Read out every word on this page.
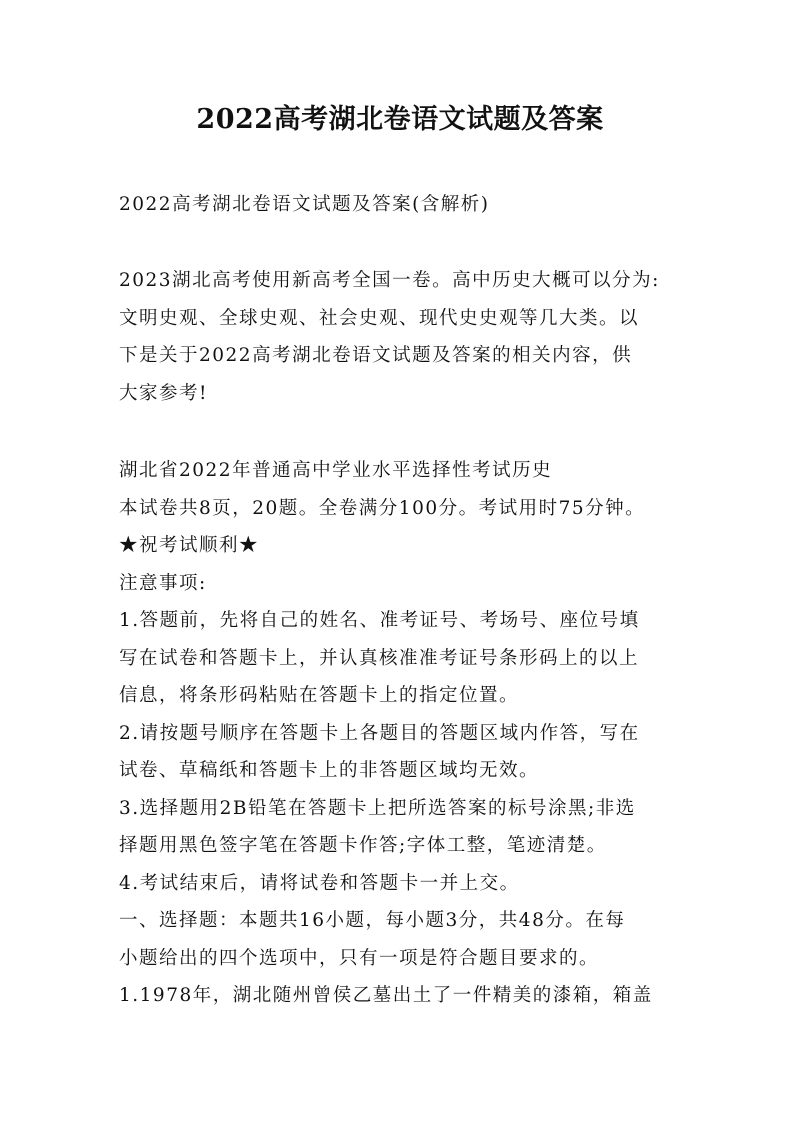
2022高考湖北卷语文试题及答案
2022高考湖北卷语文试题及答案(含解析)
2023湖北高考使用新高考全国一卷。高中历史大概可以分为:
文明史观、全球史观、社会史观、现代史史观等几大类。以
下是关于2022高考湖北卷语文试题及答案的相关内容，供
大家参考!
湖北省2022年普通高中学业水平选择性考试历史
本试卷共8页，20题。全卷满分100分。考试用时75分钟。
★祝考试顺利★
注意事项:
1.答题前，先将自己的姓名、准考证号、考场号、座位号填
写在试卷和答题卡上，并认真核准准考证号条形码上的以上
信息，将条形码粘贴在答题卡上的指定位置。
2.请按题号顺序在答题卡上各题目的答题区域内作答，写在
试卷、草稿纸和答题卡上的非答题区域均无效。
3.选择题用2B铅笔在答题卡上把所选答案的标号涂黑;非选
择题用黑色签字笔在答题卡作答;字体工整，笔迹清楚。
4.考试结束后，请将试卷和答题卡一并上交。
一、选择题：本题共16小题，每小题3分，共48分。在每
小题给出的四个选项中，只有一项是符合题目要求的。
1.1978年，湖北随州曾侯乙墓出土了一件精美的漆箱，箱盖
